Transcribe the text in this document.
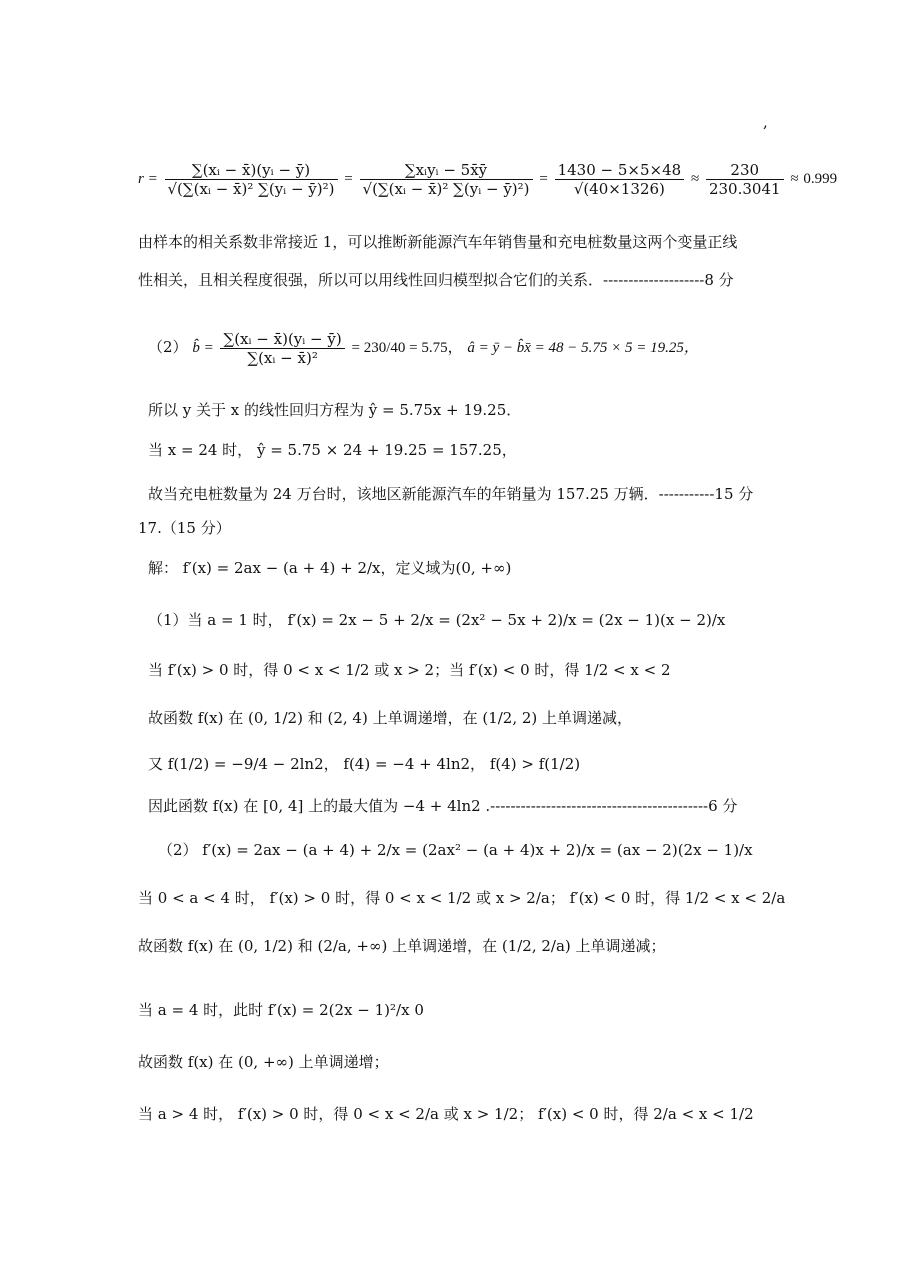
,
$r = \frac{\text{∑(xᵢ − x̄)(yᵢ − ȳ)}}{\text{√(∑(xᵢ − x̄)² ∑(yᵢ − ȳ)²)}} = \frac{\text{∑xᵢyᵢ − 5x̄ȳ}}{\text{√(∑(xᵢ − x̄)² ∑(yᵢ − ȳ)²)}} = \frac{1430 - 5\times 5\times 48}{√(40\times 1326)} \approx \frac{230}{230.3041} \approx 0.999$
由样本的相关系数非常接近 1，可以推断新能源汽车年销售量和充电桩数量这两个变量正线
性相关，且相关程度很强，所以可以用线性回归模型拟合它们的关系．--------------------8 分
（2） b̂ = $\frac{\text{∑(xᵢ − x̄)(yᵢ − ȳ)}}{\text{∑(xᵢ − x̄)²}} = 230/40 = 5.75$， â = ȳ − b̂x̄ = 48 − 5.75 × 5 = 19.25，
所以 y 关于 x 的线性回归方程为 ŷ = 5.75x + 19.25．
当 x = 24 时， ŷ = 5.75 × 24 + 19.25 = 157.25，
故当充电桩数量为 24 万台时，该地区新能源汽车的年销量为 157.25 万辆．-----------15 分
17.（15 分）
解： f′(x) = 2ax − (a + 4) + 2/x，定义域为(0, +∞)
（1）当 a = 1 时， f′(x) = 2x − 5 + 2/x = (2x² − 5x + 2)/x = (2x − 1)(x − 2)/x
当 f′(x) > 0 时，得 0 < x < 1/2 或 x > 2；当 f′(x) < 0 时，得 1/2 < x < 2
故函数 f(x) 在 (0, 1/2) 和 (2, 4) 上单调递增，在 (1/2, 2) 上单调递减，
又 f(1/2) = −9/4 − 2ln2， f(4) = −4 + 4ln2， f(4) > f(1/2)
因此函数 f(x) 在 [0, 4] 上的最大值为 −4 + 4ln2 .-------------------------------------------6 分
（2） f′(x) = 2ax − (a + 4) + 2/x = (2ax² − (a + 4)x + 2)/x = (ax − 2)(2x − 1)/x
当 0 < a < 4 时， f′(x) > 0 时，得 0 < x < 1/2 或 x > 2/a； f′(x) < 0 时，得 1/2 < x < 2/a
故函数 f(x) 在 (0, 1/2) 和 (2/a, +∞) 上单调递增，在 (1/2, 2/a) 上单调递减；
当 a = 4 时，此时 f′(x) = 2(2x − 1)²/x 0
故函数 f(x) 在 (0, +∞) 上单调递增；
当 a > 4 时， f′(x) > 0 时，得 0 < x < 2/a 或 x > 1/2； f′(x) < 0 时，得 2/a < x < 1/2
